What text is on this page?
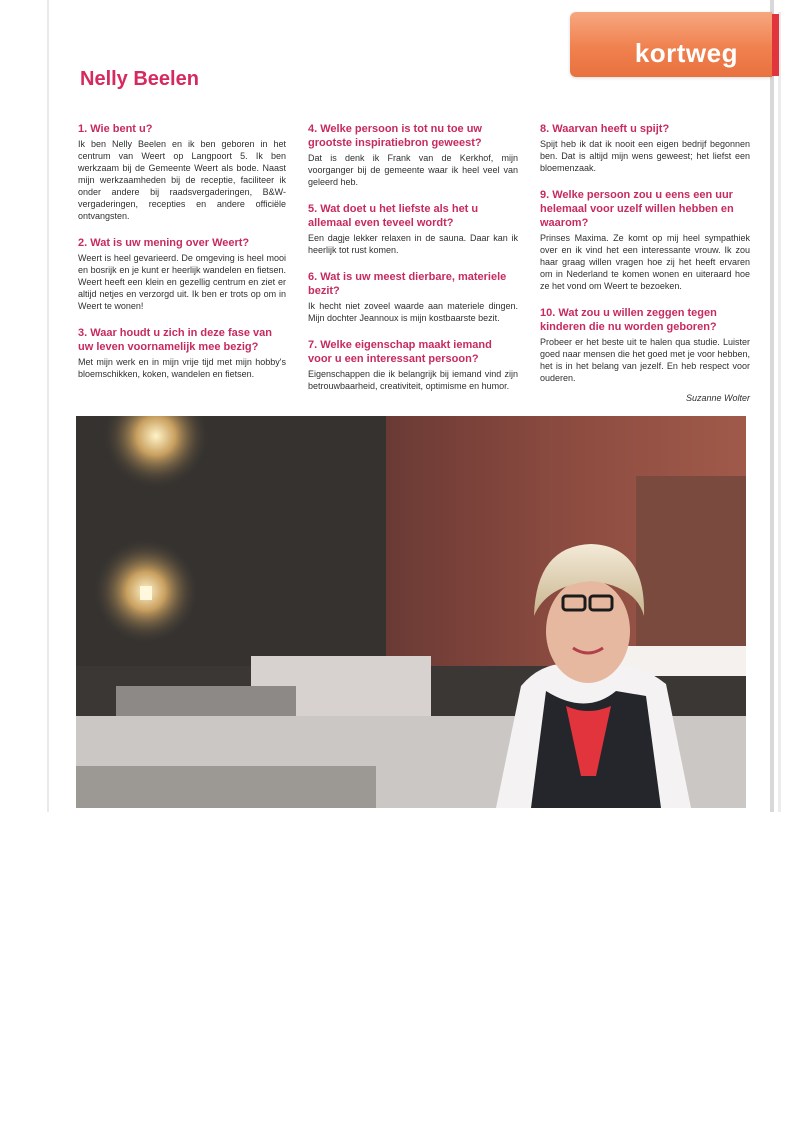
kortweg
Nelly Beelen
1. Wie bent u?
Ik ben Nelly Beelen en ik ben geboren in het centrum van Weert op Langpoort 5. Ik ben werkzaam bij de Gemeente Weert als bode. Naast mijn werkzaamheden bij de receptie, faciliteer ik onder andere bij raadsvergaderingen, B&W-vergaderingen, recepties en andere officiële ontvangsten.
2. Wat is uw mening over Weert?
Weert is heel gevarieerd. De omgeving is heel mooi en bosrijk en je kunt er heerlijk wandelen en fietsen. Weert heeft een klein en gezellig centrum en ziet er altijd netjes en verzorgd uit. Ik ben er trots op om in Weert te wonen!
3. Waar houdt u zich in deze fase van uw leven voornamelijk mee bezig?
Met mijn werk en in mijn vrije tijd met mijn hobby's bloemschikken, koken, wandelen en fietsen.
4. Welke persoon is tot nu toe uw grootste inspiratiebron geweest?
Dat is denk ik Frank van de Kerkhof, mijn voorganger bij de gemeente waar ik heel veel van geleerd heb.
5. Wat doet u het liefste als het u allemaal even teveel wordt?
Een dagje lekker relaxen in de sauna. Daar kan ik heerlijk tot rust komen.
6. Wat is uw meest dierbare, materiele bezit?
Ik hecht niet zoveel waarde aan materiele dingen. Mijn dochter Jeannoux is mijn kostbaarste bezit.
7. Welke eigenschap maakt iemand voor u een interessant persoon?
Eigenschappen die ik belangrijk bij iemand vind zijn betrouwbaarheid, creativiteit, optimisme en humor.
8. Waarvan heeft u spijt?
Spijt heb ik dat ik nooit een eigen bedrijf begonnen ben. Dat is altijd mijn wens geweest; het liefst een bloemenzaak.
9. Welke persoon zou u eens een uur helemaal voor uzelf willen hebben en waarom?
Prinses Maxima. Ze komt op mij heel sympathiek over en ik vind het een interessante vrouw. Ik zou haar graag willen vragen hoe zij het heeft ervaren om in Nederland te komen wonen en uiteraard hoe ze het vond om Weert te bezoeken.
10. Wat zou u willen zeggen tegen kinderen die nu worden geboren?
Probeer er het beste uit te halen qua studie. Luister goed naar mensen die het goed met je voor hebben, het is in het belang van jezelf. En heb respect voor ouderen.
Suzanne Wolter
